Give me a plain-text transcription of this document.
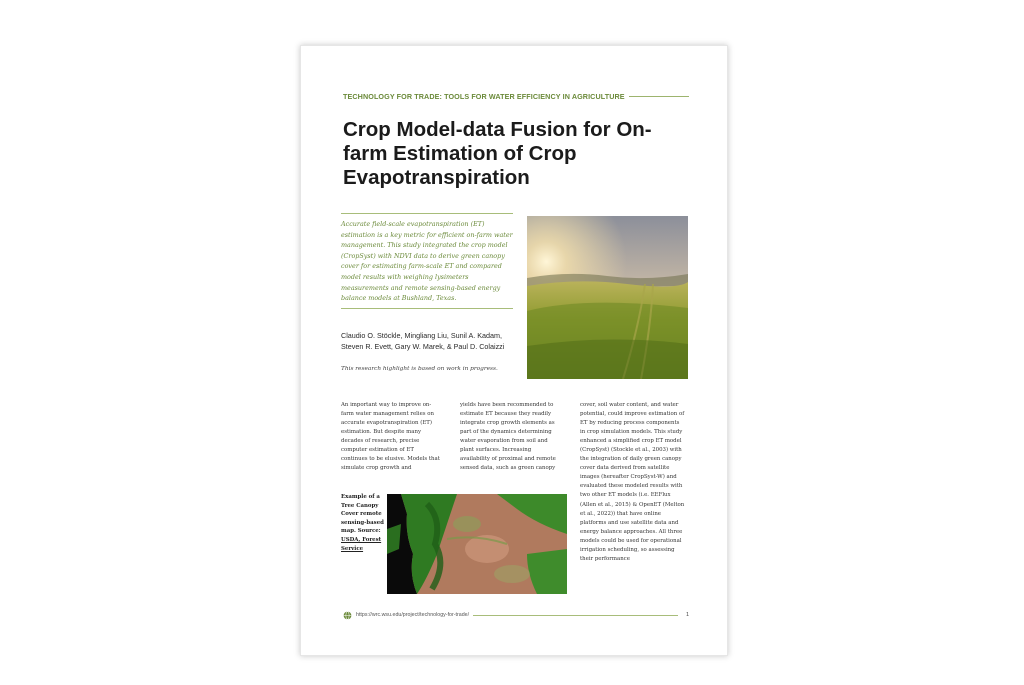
TECHNOLOGY FOR TRADE: TOOLS FOR WATER EFFICIENCY IN AGRICULTURE
Crop Model-data Fusion for On-farm Estimation of Crop Evapotranspiration

Accurate field-scale evapotranspiration (ET) estimation is a key metric for efficient on-farm water management. This study integrated the crop model (CropSyst) with NDVI data to derive green canopy cover for estimating farm-scale ET and compared model results with weighing lysimeters measurements and remote sensing-based energy balance models at Bushland, Texas.

Claudio O. Stöckle, Mingliang Liu, Sunil A. Kadam,
Steven R. Evett, Gary W. Marek, & Paul D. Colaizzi
This research highlight is based on work in progress.

An important way to improve on-farm water management relies on accurate evapotranspiration (ET) estimation. But despite many decades of research, precise computer estimation of ET continues to be elusive. Models that simulate crop growth and

yields have been recommended to estimate ET because they readily integrate crop growth elements as part of the dynamics determining water evaporation from soil and plant surfaces. Increasing availability of proximal and remote sensed data, such as green canopy

cover, soil water content, and water potential, could improve estimation of ET by reducing process components in crop simulation models. This study enhanced a simplified crop ET model (CropSyst) (Stockle et al., 2003) with the integration of daily green canopy cover data derived from satellite images (hereafter CropSyst-W) and evaluated these modeled results with two other ET models (i.e. EEFlux (Allen et al., 2015) & OpenET (Melton et al., 2022)) that have online platforms and use satellite data and energy balance approaches. All three models could be used for operational irrigation scheduling, so assessing their performance

Example of a Tree Canopy Cover remote sensing-based map. Source: USDA, Forest Service
https://wrc.wsu.edu/project/technology-for-trade/	1
